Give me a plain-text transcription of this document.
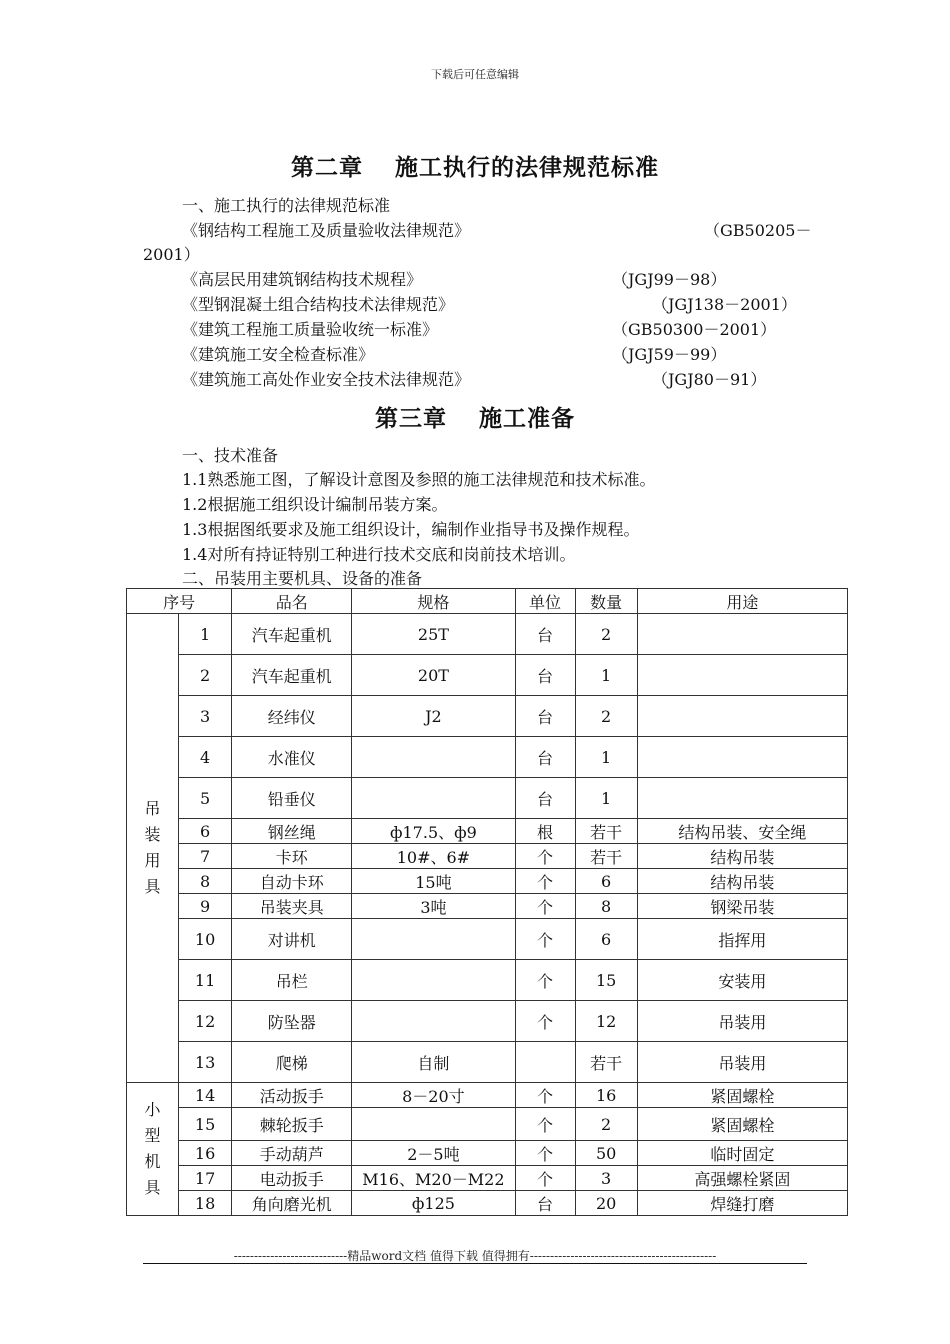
下载后可任意编辑
第二章 施工执行的法律规范标准
一、施工执行的法律规范标准
《钢结构工程施工及质量验收法律规范》	（GB50205－
2001）
《高层民用建筑钢结构技术规程》	（JGJ99－98）
《型钢混凝土组合结构技术法律规范》	（JGJ138－2001）
《建筑工程施工质量验收统一标准》	（GB50300－2001）
《建筑施工安全检查标准》	（JGJ59－99）
《建筑施工高处作业安全技术法律规范》	（JGJ80－91）
第三章 施工准备
一、技术准备
1.1熟悉施工图，了解设计意图及参照的施工法律规范和技术标准。
1.2根据施工组织设计编制吊装方案。
1.3根据图纸要求及施工组织设计，编制作业指导书及操作规程。
1.4对所有持证特别工种进行技术交底和岗前技术培训。
二、吊装用主要机具、设备的准备
序号		品名	规格	单位	数量	用途
吊
装
用
具	1	汽车起重机	25T	台	2	
	2	汽车起重机	20T	台	1	
	3	经纬仪	J2	台	2	
	4	水准仪		台	1	
	5	铅垂仪		台	1	
	6	钢丝绳	ф17.5、ф9	根	若干	结构吊装、安全绳
	7	卡环	10#、6#	个	若干	结构吊装
	8	自动卡环	15吨	个	6	结构吊装
	9	吊装夹具	3吨	个	8	钢梁吊装
	10	对讲机		个	6	指挥用
	11	吊栏		个	15	安装用
	12	防坠器		个	12	吊装用
	13	爬梯	自制		若干	吊装用
小
型
机
具	14	活动扳手	8－20寸	个	16	紧固螺栓
	15	棘轮扳手		个	2	紧固螺栓
	16	手动葫芦	2－5吨	个	50	临时固定
	17	电动扳手	M16、M20－M22	个	3	高强螺栓紧固
	18	角向磨光机	ф125	台	20	焊缝打磨
----------------------------精品word文档 值得下载 值得拥有----------------------------------------------
